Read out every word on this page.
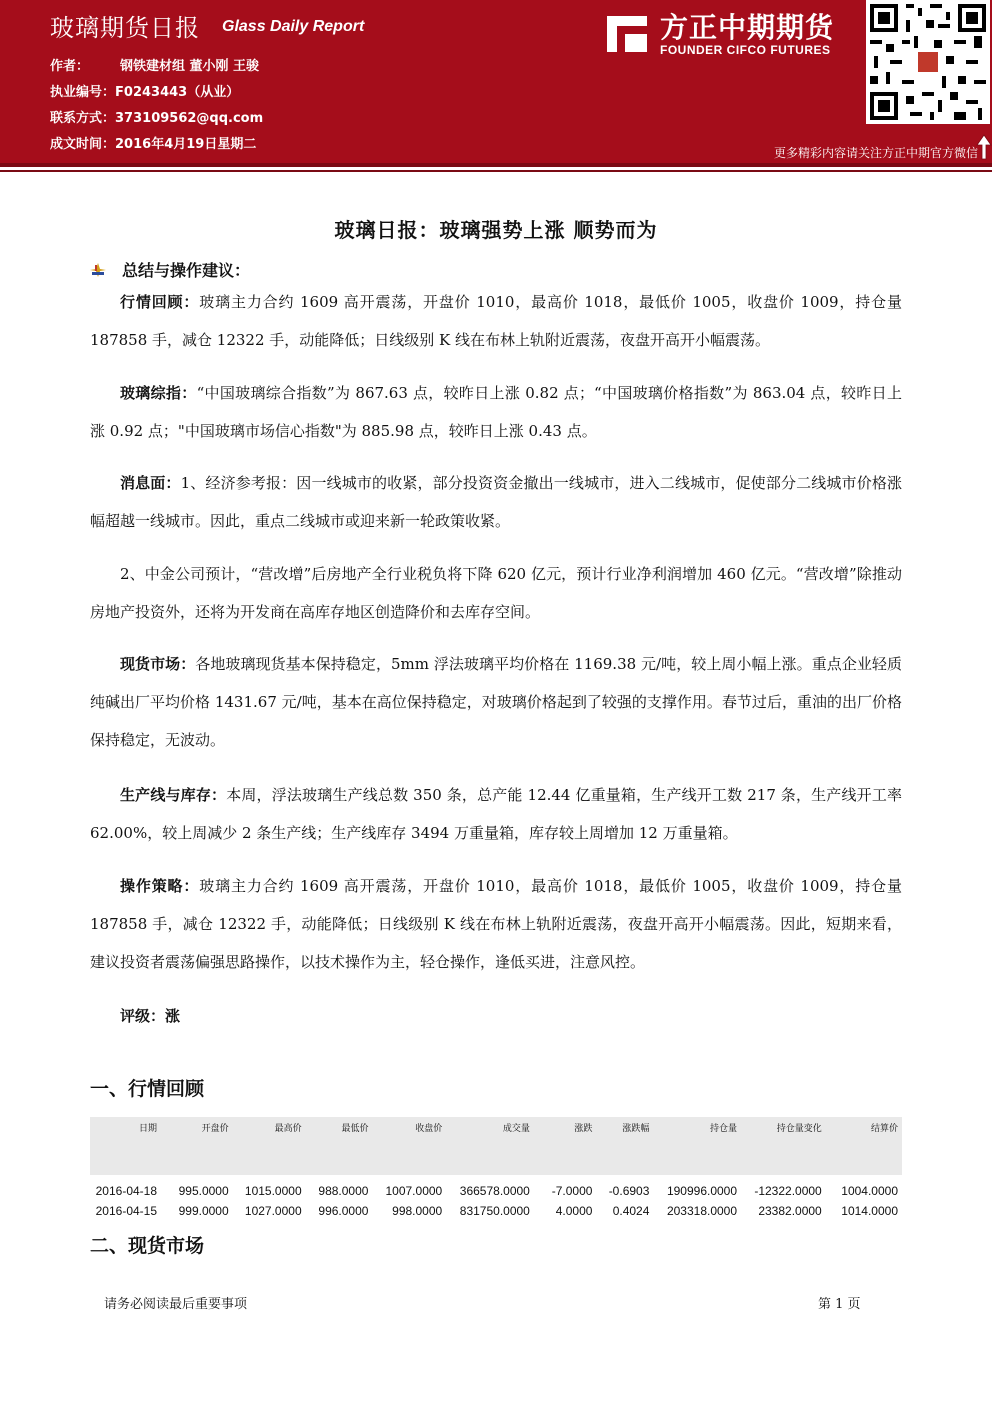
玻璃期货日报 Glass Daily Report
作者： 钢铁建材组 董小刚 王骏
执业编号：F0243443（从业）
联系方式：373109562@qq.com
成文时间：2016年4月19日星期二
方正中期期货
FOUNDER CIFCO FUTURES
更多精彩内容请关注方正中期官方微信
玻璃日报：玻璃强势上涨 顺势而为
总结与操作建议：
行情回顾：玻璃主力合约 1609 高开震荡，开盘价 1010，最高价 1018，最低价 1005，收盘价 1009，持仓量 187858 手，减仓 12322 手，动能降低；日线级别 K 线在布林上轨附近震荡，夜盘开高开小幅震荡。
玻璃综指：“中国玻璃综合指数”为 867.63 点，较昨日上涨 0.82 点；“中国玻璃价格指数”为 863.04 点，较昨日上涨 0.92 点；"中国玻璃市场信心指数"为 885.98 点，较昨日上涨 0.43 点。
消息面：1、经济参考报：因一线城市的收紧，部分投资资金撤出一线城市，进入二线城市，促使部分二线城市价格涨幅超越一线城市。因此，重点二线城市或迎来新一轮政策收紧。
2、中金公司预计，“营改增”后房地产全行业税负将下降 620 亿元，预计行业净利润增加 460 亿元。“营改增”除推动房地产投资外，还将为开发商在高库存地区创造降价和去库存空间。
现货市场：各地玻璃现货基本保持稳定，5mm 浮法玻璃平均价格在 1169.38 元/吨，较上周小幅上涨。重点企业轻质纯碱出厂平均价格 1431.67 元/吨，基本在高位保持稳定，对玻璃价格起到了较强的支撑作用。春节过后，重油的出厂价格保持稳定，无波动。
生产线与库存：本周，浮法玻璃生产线总数 350 条，总产能 12.44 亿重量箱，生产线开工数 217 条，生产线开工率 62.00%，较上周减少 2 条生产线；生产线库存 3494 万重量箱，库存较上周增加 12 万重量箱。
操作策略：玻璃主力合约 1609 高开震荡，开盘价 1010，最高价 1018，最低价 1005，收盘价 1009，持仓量 187858 手，减仓 12322 手，动能降低；日线级别 K 线在布林上轨附近震荡，夜盘开高开小幅震荡。因此，短期来看，建议投资者震荡偏强思路操作，以技术操作为主，轻仓操作，逢低买进，注意风控。
评级：涨
一、行情回顾
日期	开盘价	最高价	最低价	收盘价	成交量	涨跌	涨跌幅	持仓量	持仓量变化	结算价
2016-04-18	995.0000	1015.0000	988.0000	1007.0000	366578.0000	-7.0000	-0.6903	190996.0000	-12322.0000	1004.0000
2016-04-15	999.0000	1027.0000	996.0000	998.0000	831750.0000	4.0000	0.4024	203318.0000	23382.0000	1014.0000
二、现货市场
请务必阅读最后重要事项	第 1 页
